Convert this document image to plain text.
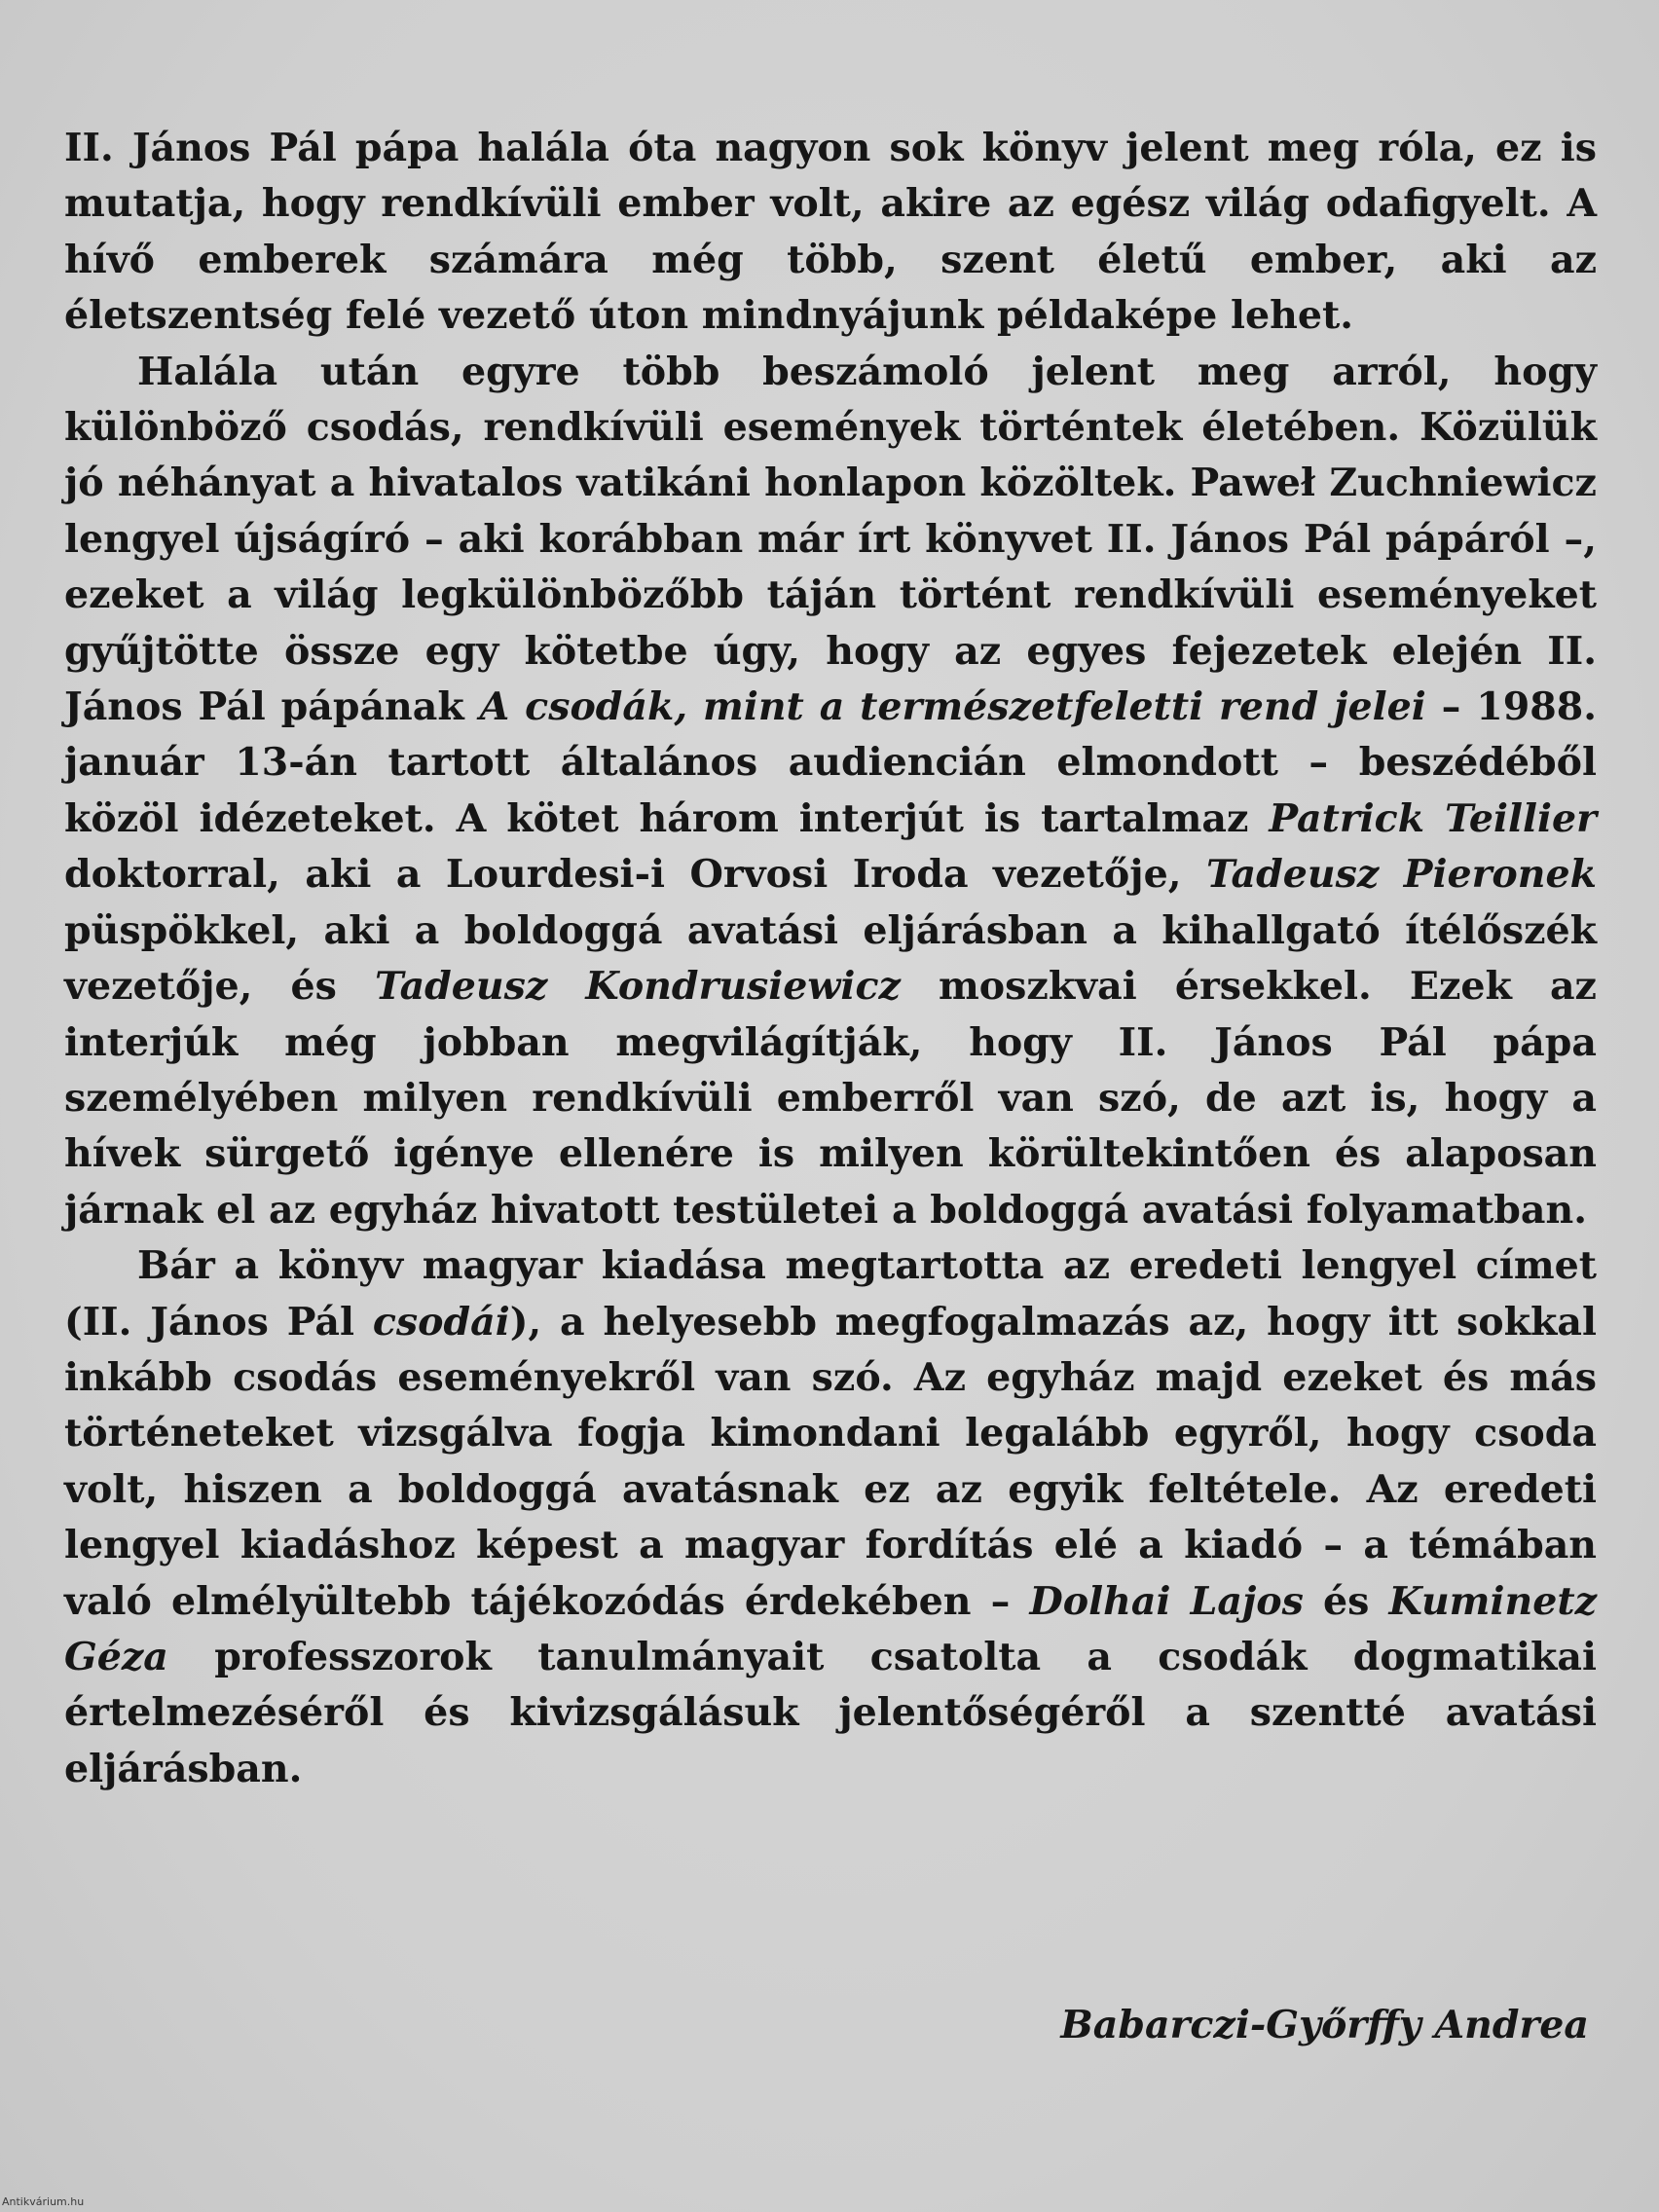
II. János Pál pápa halála óta nagyon sok könyv jelent meg róla, ez is mutatja, hogy rendkívüli ember volt, akire az egész világ odafigyelt. A hívő emberek számára még több, szent életű ember, aki az életszentség felé vezető úton mindnyájunk példaképe lehet.

Halála után egyre több beszámoló jelent meg arról, hogy különböző csodás, rendkívüli események történtek életében. Közülük jó néhányat a hivatalos vatikáni honlapon közöltek. Paweł Zuchniewicz lengyel újságíró – aki korábban már írt könyvet II. János Pál pápáról –, ezeket a világ legkülönbözőbb táján történt rendkívüli eseményeket gyűjtötte össze egy kötetbe úgy, hogy az egyes fejezetek elején II. János Pál pápának A csodák, mint a természetfeletti rend jelei – 1988. január 13-án tartott általános audiencián elmondott – beszédéből közöl idézeteket. A kötet három interjút is tartalmaz Patrick Teillier doktorral, aki a Lourdesi-i Orvosi Iroda vezetője, Tadeusz Pieronek püspökkel, aki a boldoggá avatási eljárásban a kihallgató ítélőszék vezetője, és Tadeusz Kondrusiewicz moszkvai érsekkel. Ezek az interjúk még jobban megvilágítják, hogy II. János Pál pápa személyében milyen rendkívüli emberről van szó, de azt is, hogy a hívek sürgető igénye ellenére is milyen körültekintően és alaposan járnak el az egyház hivatott testületei a boldoggá avatási folyamatban.

Bár a könyv magyar kiadása megtartotta az eredeti lengyel címet (II. János Pál csodái), a helyesebb megfogalmazás az, hogy itt sokkal inkább csodás eseményekről van szó. Az egyház majd ezeket és más történeteket vizsgálva fogja kimondani legalább egyről, hogy csoda volt, hiszen a boldoggá avatásnak ez az egyik feltétele. Az eredeti lengyel kiadáshoz képest a magyar fordítás elé a kiadó – a témában való elmélyültebb tájékozódás érdekében – Dolhai Lajos és Kuminetz Géza professzorok tanulmányait csatolta a csodák dogmatikai értelmezéséről és kivizsgálásuk jelentőségéről a szentté avatási eljárásban.

Babarczi-Győrffy Andrea
Antikvárium.hu
